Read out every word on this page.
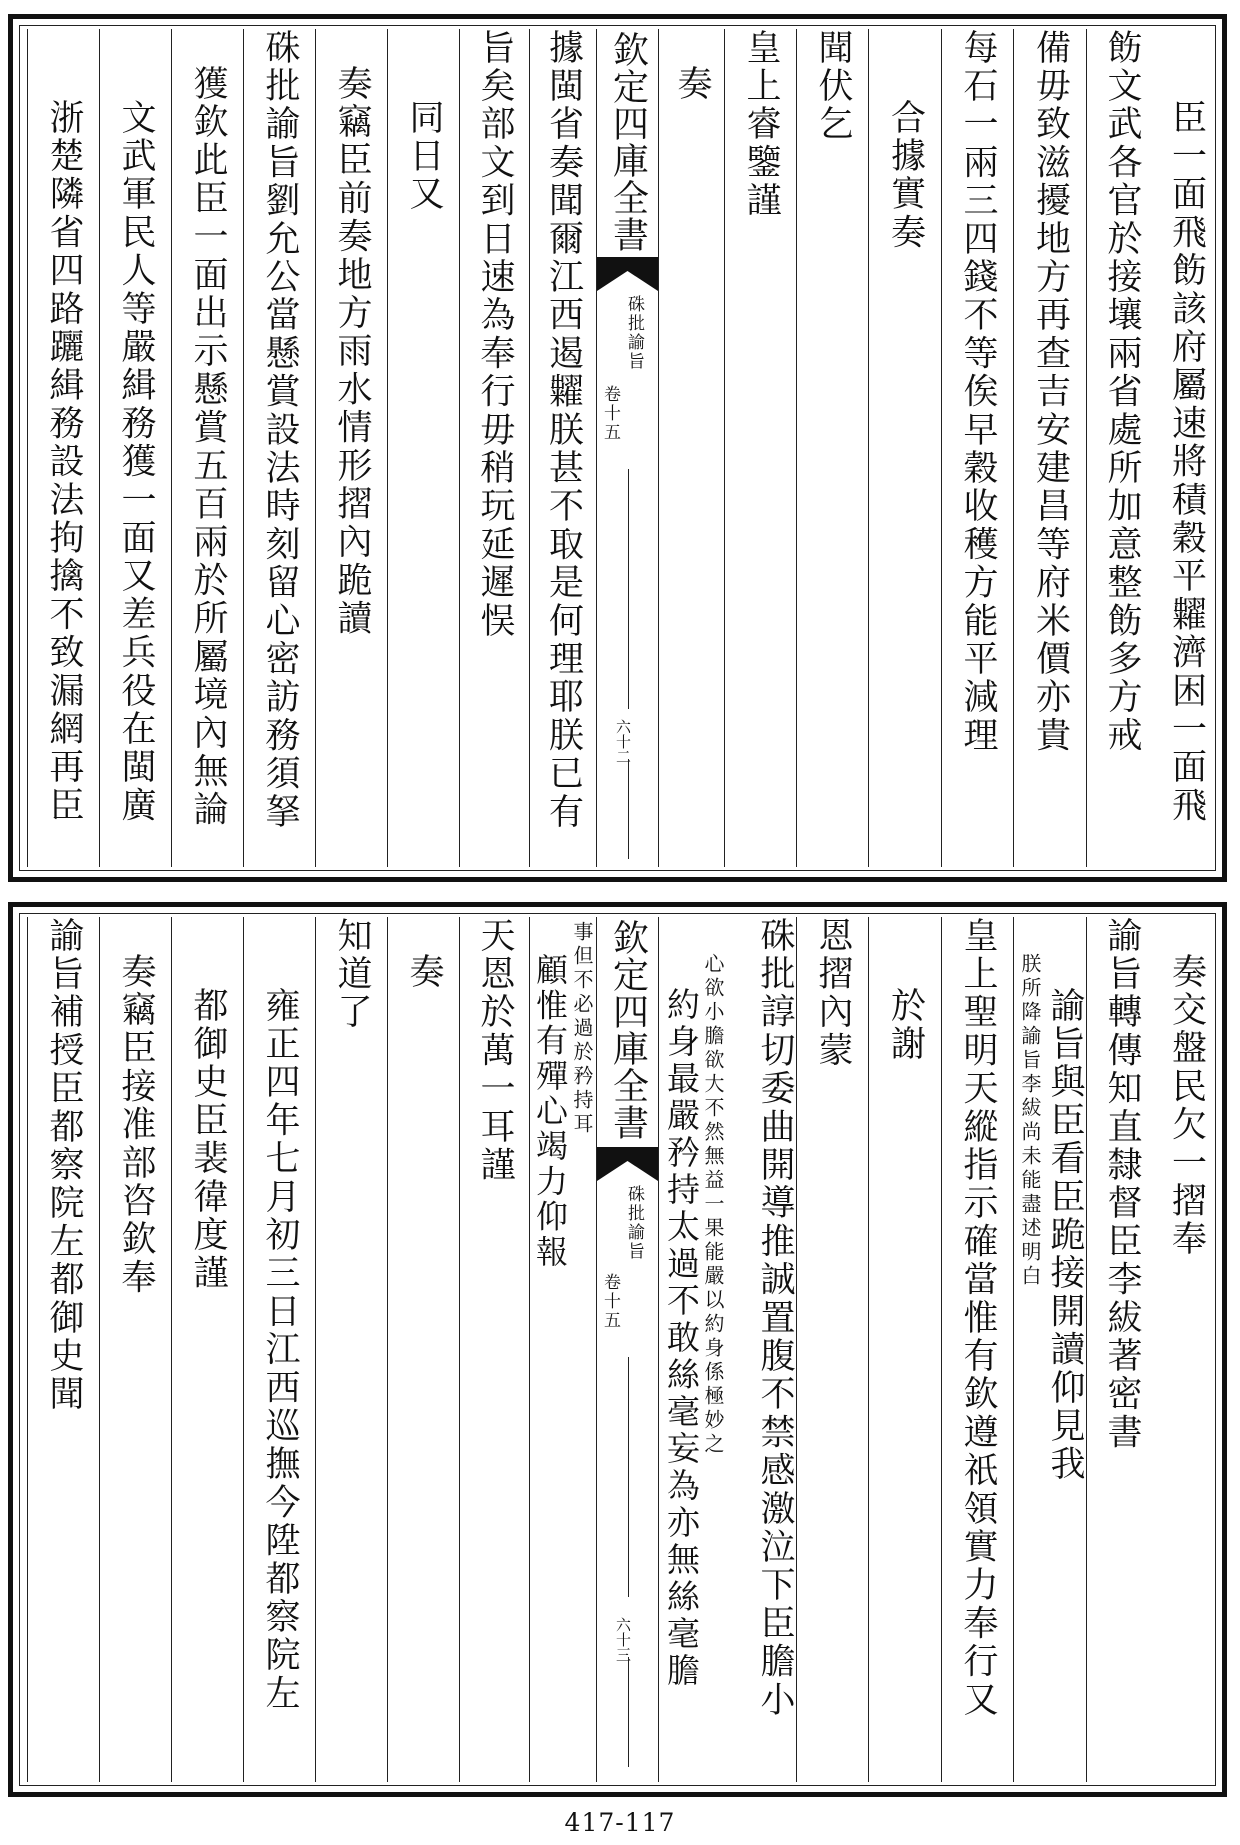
臣一面飛飭該府屬速將積穀平糶濟困一面飛
飭文武各官於接壤兩省處所加意整飭多方戒
備毋致滋擾地方再查吉安建昌等府米價亦貴
每石一兩三四錢不等俟早穀收穫方能平減理
合據實奏
聞伏乞
皇上睿鑒謹
奏
欽定四庫全書
硃批諭旨
卷十五
六十二
據閩省奏聞爾江西遏糶朕甚不取是何理耶朕已有
旨矣部文到日速為奉行毋稍玩延遲悮
同日又
奏竊臣前奏地方雨水情形摺內跪讀
硃批諭旨劉允公當懸賞設法時刻留心密訪務須拏
獲欽此臣一面出示懸賞五百兩於所屬境內無論
文武軍民人等嚴緝務獲一面又差兵役在閩廣
浙楚隣省四路躧緝務設法拘擒不致漏網再臣
奏交盤民欠一摺奉
諭旨轉傳知直隸督臣李紱著密書
諭旨與臣看臣跪接開讀仰見我
朕所降諭旨李紱尚未能盡述明白
皇上聖明天縱指示確當惟有欽遵祇領實力奉行又
於謝
恩摺內蒙
硃批諄切委曲開導推誠置腹不禁感激泣下臣膽小
心欲小膽欲大不然無益一果能嚴以約身係極妙之
約身最嚴矜持太過不敢絲毫妄為亦無絲毫膽
欽定四庫全書
硃批諭旨
卷十五
六十三
事但不必過於矜持耳
顧惟有殫心竭力仰報
天恩於萬一耳謹
奏
知道了
雍正四年七月初三日江西巡撫今陞都察院左
都御史臣裴徫度謹
奏竊臣接准部咨欽奉
諭旨補授臣都察院左都御史聞
417-117
